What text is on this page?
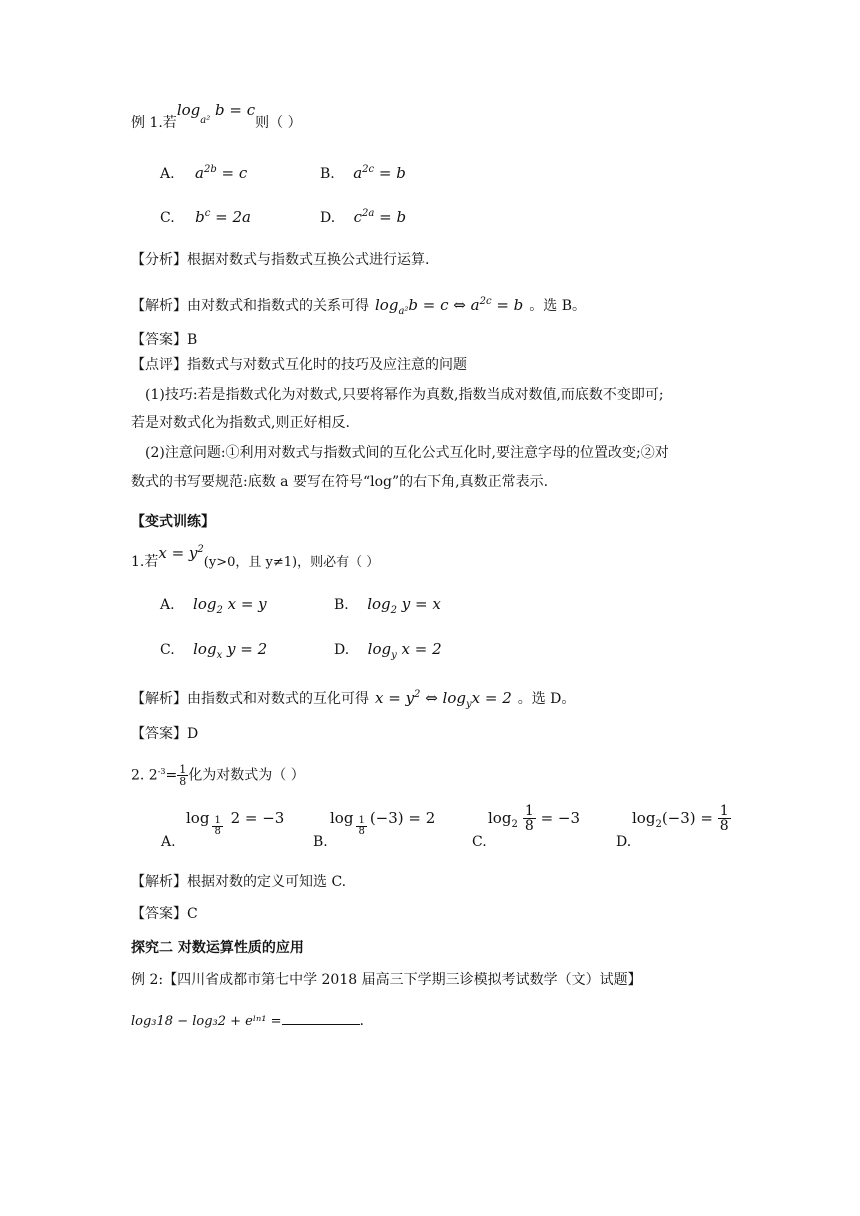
例 1.若$\log_{a^2} b = c$则（ ）
A. $a^{2b} = c$	B. $a^{2c} = b$
C. $b^c = 2a$	D. $c^{2a} = b$
【分析】根据对数式与指数式互换公式进行运算.
【解析】由对数式和指数式的关系可得 $\log_{a^2}b = c$ ⇔ $a^{2c} = b$ 。选 B。
【答案】B
【点评】指数式与对数式互化时的技巧及应注意的问题
(1)技巧:若是指数式化为对数式,只要将幂作为真数,指数当成对数值,而底数不变即可;
若是对数式化为指数式,则正好相反.
(2)注意问题:①利用对数式与指数式间的互化公式互化时,要注意字母的位置改变;②对
数式的书写要规范:底数 a 要写在符号“log”的右下角,真数正常表示.
【变式训练】
1.若$x = y^2(y>0$，且 y≠1)，则必有（ ）
A. $\log_2 x = y$	B. $\log_2 y = x$
C. $\log_x y = 2$	D. $\log_y x = 2$
【解析】由指数式和对数式的互化可得 $x = y^2$ ⇔ $\log_yx = 2$ 。选 D。
【答案】D
2. $2^{-3}= \frac{1}{8}$ 化为对数式为（ ）
$\log \frac{1}{8} 2 = -3$
A.
$\log \frac{1}{8} (-3) = 2$
B.
$\log_2 \frac{1}{8} = -3$
C.
$\log_2(-3) = \frac{1}{8}$
D.
【解析】根据对数的定义可知选 C.
【答案】C
探究二 对数运算性质的应用
例 2:【四川省成都市第七中学 2018 届高三下学期三诊模拟考试数学（文）试题】
log₃18 − log₃2 + eˡⁿ¹ =	.
